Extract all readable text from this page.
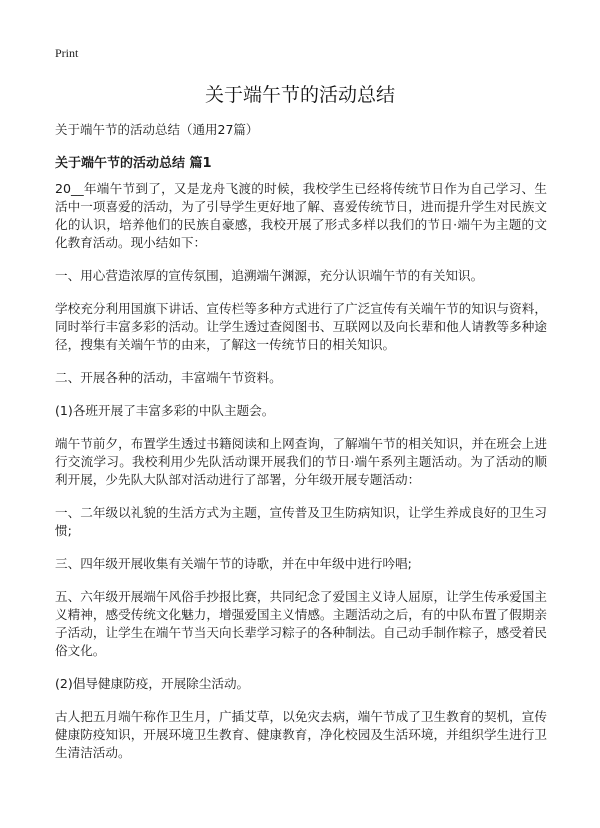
Print
关于端午节的活动总结

关于端午节的活动总结（通用27篇）

关于端午节的活动总结 篇1

20__年端午节到了，又是龙舟飞渡的时候，我校学生已经将传统节日作为自己学习、生活中一项喜爱的活动，为了引导学生更好地了解、喜爱传统节日，进而提升学生对民族文化的认识，培养他们的民族自豪感，我校开展了形式多样以我们的节日·端午为主题的文化教育活动。现小结如下：

一、用心营造浓厚的宣传氛围，追溯端午渊源，充分认识端午节的有关知识。

学校充分利用国旗下讲话、宣传栏等多种方式进行了广泛宣传有关端午节的知识与资料，同时举行丰富多彩的活动。让学生透过查阅图书、互联网以及向长辈和他人请教等多种途径，搜集有关端午节的由来，了解这一传统节日的相关知识。

二、开展各种的活动，丰富端午节资料。

(1)各班开展了丰富多彩的中队主题会。

端午节前夕，布置学生透过书籍阅读和上网查询，了解端午节的相关知识，并在班会上进行交流学习。我校利用少先队活动课开展我们的节日·端午系列主题活动。为了活动的顺利开展，少先队大队部对活动进行了部署，分年级开展专题活动：

一、二年级以礼貌的生活方式为主题，宣传普及卫生防病知识，让学生养成良好的卫生习惯;

三、四年级开展收集有关端午节的诗歌，并在中年级中进行吟唱;

五、六年级开展端午风俗手抄报比赛，共同纪念了爱国主义诗人屈原，让学生传承爱国主义精神，感受传统文化魅力，增强爱国主义情感。主题活动之后，有的中队布置了假期亲子活动，让学生在端午节当天向长辈学习粽子的各种制法。自己动手制作粽子，感受着民俗文化。

(2)倡导健康防疫，开展除尘活动。

古人把五月端午称作卫生月，广插艾草，以免灾去病，端午节成了卫生教育的契机，宣传健康防疫知识，开展环境卫生教育、健康教育，净化校园及生活环境，并组织学生进行卫生清洁活动。
